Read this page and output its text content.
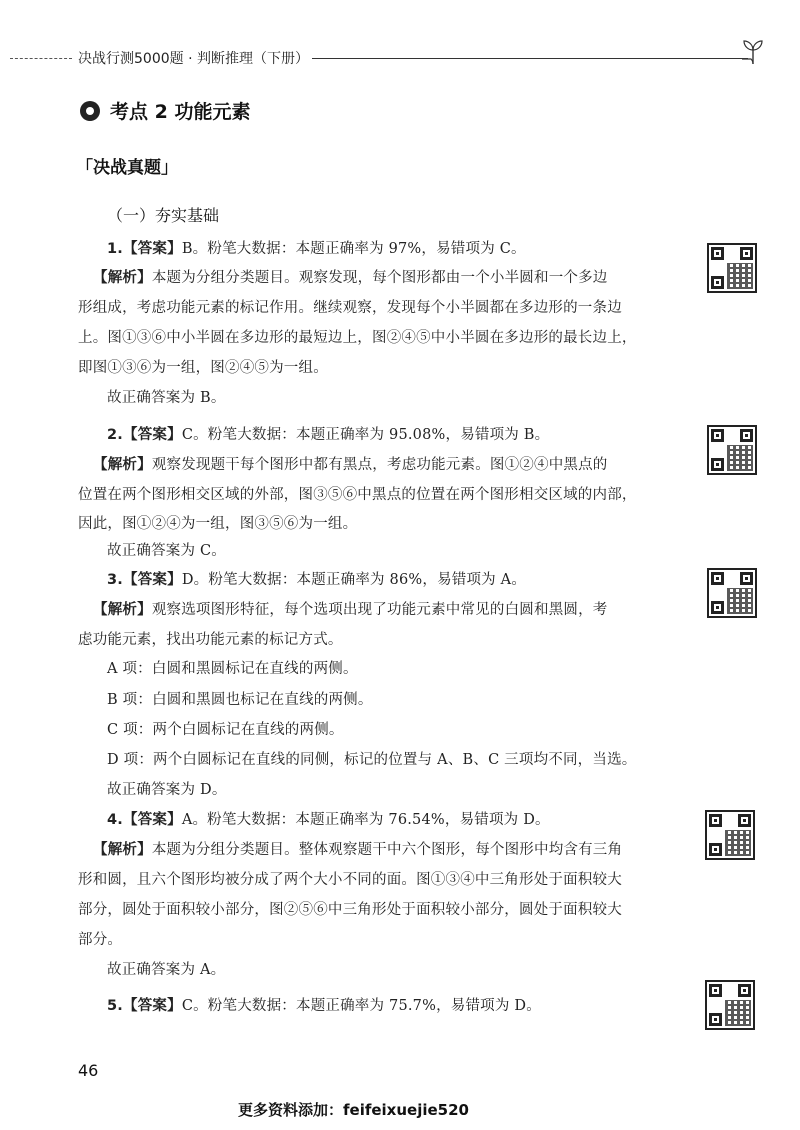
决战行测5000题 · 判断推理（下册）
考点 2 功能元素
「决战真题」
（一）夯实基础
1.【答案】B。粉笔大数据：本题正确率为 97%，易错项为 C。
【解析】本题为分组分类题目。观察发现，每个图形都由一个小半圆和一个多边
形组成，考虑功能元素的标记作用。继续观察，发现每个小半圆都在多边形的一条边
上。图①③⑥中小半圆在多边形的最短边上，图②④⑤中小半圆在多边形的最长边上，
即图①③⑥为一组，图②④⑤为一组。
故正确答案为 B。
2.【答案】C。粉笔大数据：本题正确率为 95.08%，易错项为 B。
【解析】观察发现题干每个图形中都有黑点，考虑功能元素。图①②④中黑点的
位置在两个图形相交区域的外部，图③⑤⑥中黑点的位置在两个图形相交区域的内部，
因此，图①②④为一组，图③⑤⑥为一组。
故正确答案为 C。
3.【答案】D。粉笔大数据：本题正确率为 86%，易错项为 A。
【解析】观察选项图形特征，每个选项出现了功能元素中常见的白圆和黑圆，考
虑功能元素，找出功能元素的标记方式。
A 项：白圆和黑圆标记在直线的两侧。
B 项：白圆和黑圆也标记在直线的两侧。
C 项：两个白圆标记在直线的两侧。
D 项：两个白圆标记在直线的同侧，标记的位置与 A、B、C 三项均不同，当选。
故正确答案为 D。
4.【答案】A。粉笔大数据：本题正确率为 76.54%，易错项为 D。
【解析】本题为分组分类题目。整体观察题干中六个图形，每个图形中均含有三角
形和圆，且六个图形均被分成了两个大小不同的面。图①③④中三角形处于面积较大
部分，圆处于面积较小部分，图②⑤⑥中三角形处于面积较小部分，圆处于面积较大
部分。
故正确答案为 A。
5.【答案】C。粉笔大数据：本题正确率为 75.7%，易错项为 D。
46
更多资料添加：feifeixuejie520
